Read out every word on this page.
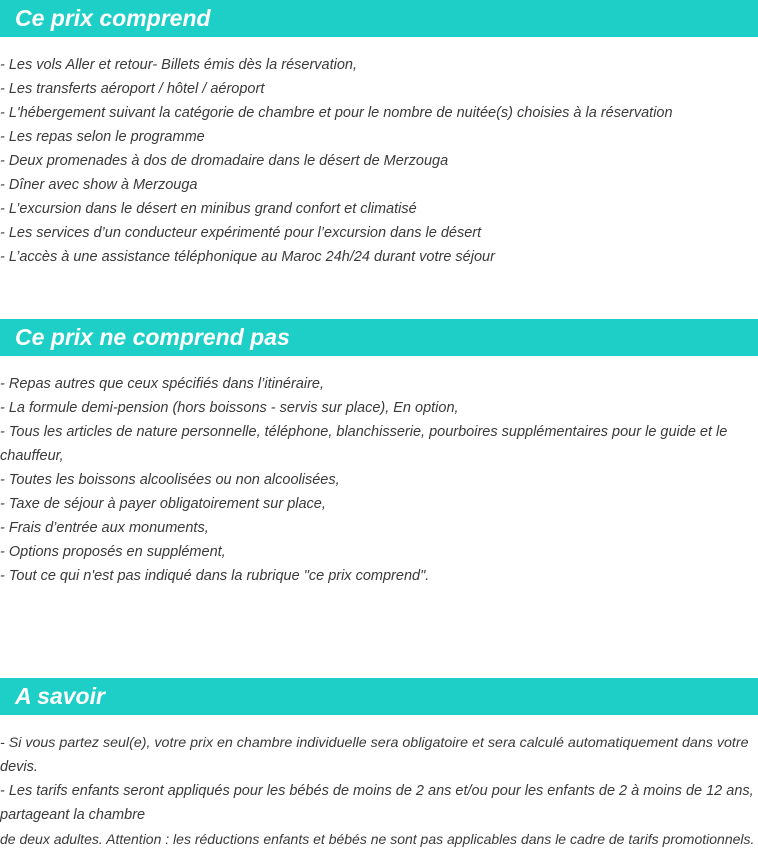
Ce prix comprend
- Les vols Aller et retour- Billets émis dès la réservation,
- Les transferts aéroport / hôtel / aéroport
- L'hébergement suivant la catégorie de chambre et pour le nombre de nuitée(s) choisies à la réservation
- Les repas selon le programme
- Deux promenades à dos de dromadaire dans le désert de Merzouga
- Dîner avec show à Merzouga
- L’excursion dans le désert en minibus grand confort et climatisé
- Les services d’un conducteur expérimenté pour l’excursion dans le désert
- L’accès à une assistance téléphonique au Maroc 24h/24 durant votre séjour
Ce prix ne comprend pas
- Repas autres que ceux spécifiés dans l’itinéraire,
- La formule demi-pension (hors boissons - servis sur place), En option,
- Tous les articles de nature personnelle, téléphone, blanchisserie, pourboires supplémentaires pour le guide et le
chauffeur,
- Toutes les boissons alcoolisées ou non alcoolisées,
- Taxe de séjour à payer obligatoirement sur place,
- Frais d’entrée aux monuments,
- Options proposés en supplément,
- Tout ce qui n'est pas indiqué dans la rubrique "ce prix comprend".
A savoir
- Si vous partez seul(e), votre prix en chambre individuelle sera obligatoire et sera calculé automatiquement dans votre
devis.
- Les tarifs enfants seront appliqués pour les bébés de moins de 2 ans et/ou pour les enfants de 2 à moins de 12 ans,
partageant la chambre
de deux adultes. Attention : les réductions enfants et bébés ne sont pas applicables dans le cadre de tarifs promotionnels.
